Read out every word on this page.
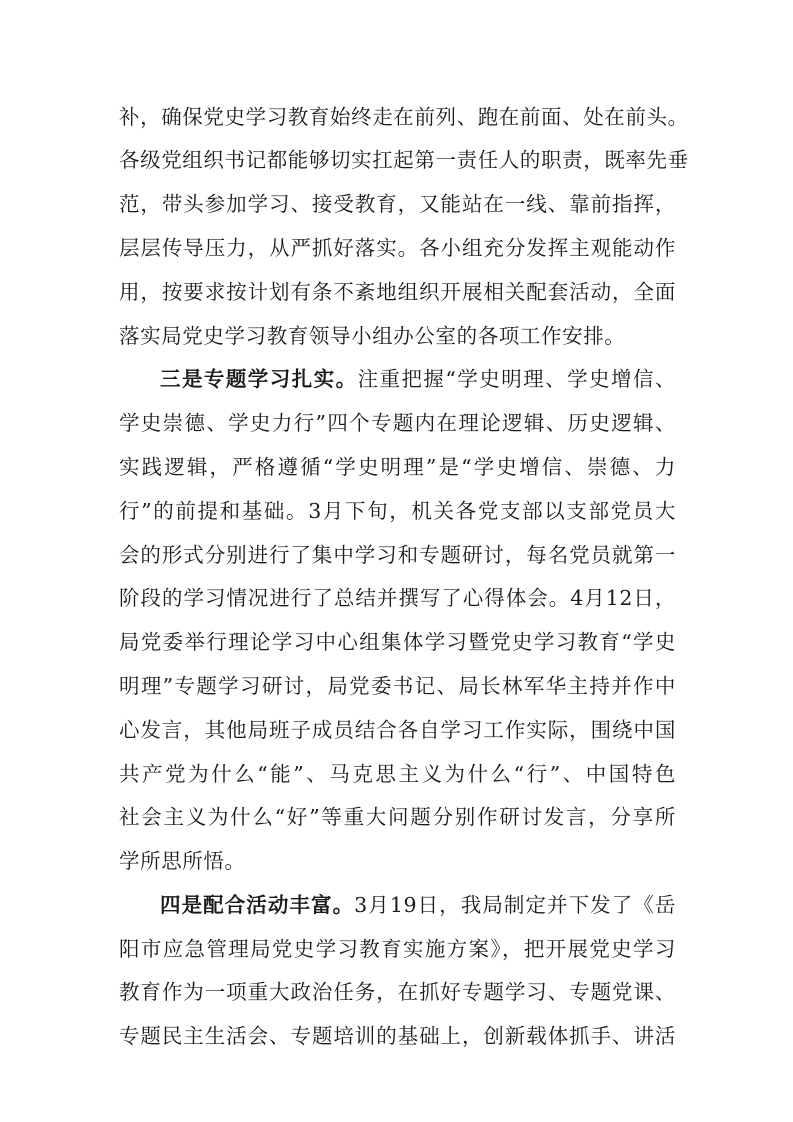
补，确保党史学习教育始终走在前列、跑在前面、处在前头。
各级党组织书记都能够切实扛起第一责任人的职责，既率先垂
范，带头参加学习、接受教育，又能站在一线、靠前指挥，
层层传导压力，从严抓好落实。各小组充分发挥主观能动作
用，按要求按计划有条不紊地组织开展相关配套活动，全面
落实局党史学习教育领导小组办公室的各项工作安排。
三是专题学习扎实。注重把握“学史明理、学史增信、
学史崇德、学史力行”四个专题内在理论逻辑、历史逻辑、
实践逻辑，严格遵循“学史明理”是“学史增信、崇德、力
行”的前提和基础。3月下旬，机关各党支部以支部党员大
会的形式分别进行了集中学习和专题研讨，每名党员就第一
阶段的学习情况进行了总结并撰写了心得体会。4月12日，
局党委举行理论学习中心组集体学习暨党史学习教育“学史
明理”专题学习研讨，局党委书记、局长林军华主持并作中
心发言，其他局班子成员结合各自学习工作实际，围绕中国
共产党为什么“能”、马克思主义为什么“行”、中国特色
社会主义为什么“好”等重大问题分别作研讨发言，分享所
学所思所悟。
四是配合活动丰富。3月19日，我局制定并下发了《岳
阳市应急管理局党史学习教育实施方案》，把开展党史学习
教育作为一项重大政治任务，在抓好专题学习、专题党课、
专题民主生活会、专题培训的基础上，创新载体抓手、讲活
